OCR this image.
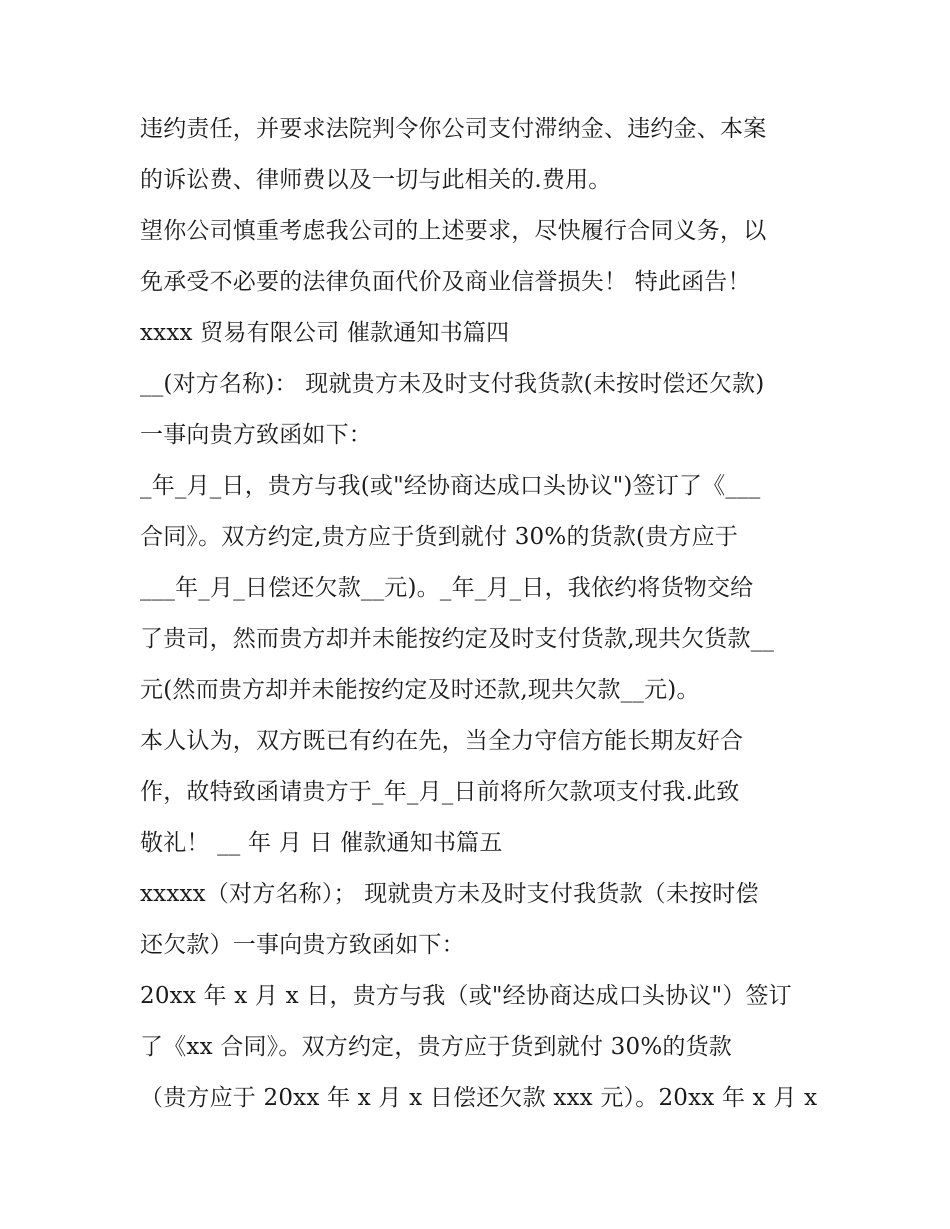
违约责任，并要求法院判令你公司支付滞纳金、违约金、本案
的诉讼费、律师费以及一切与此相关的.费用。
望你公司慎重考虑我公司的上述要求，尽快履行合同义务，以
免承受不必要的法律负面代价及商业信誉损失！ 特此函告！
xxxx 贸易有限公司 催款通知书篇四
__(对方名称)： 现就贵方未及时支付我货款(未按时偿还欠款)
一事向贵方致函如下：
_年_月_日，贵方与我(或"经协商达成口头协议")签订了《___
合同》。双方约定,贵方应于货到就付 30%的货款(贵方应于
___年_月_日偿还欠款__元)。_年_月_日，我依约将货物交给
了贵司，然而贵方却并未能按约定及时支付货款,现共欠货款__
元(然而贵方却并未能按约定及时还款,现共欠款__元)。
本人认为，双方既已有约在先，当全力守信方能长期友好合
作，故特致函请贵方于_年_月_日前将所欠款项支付我.此致
敬礼！ __ 年 月 日 催款通知书篇五
xxxxx（对方名称）； 现就贵方未及时支付我货款（未按时偿
还欠款）一事向贵方致函如下：
20xx 年 x 月 x 日，贵方与我（或"经协商达成口头协议"）签订
了《xx 合同》。双方约定，贵方应于货到就付 30%的货款
（贵方应于 20xx 年 x 月 x 日偿还欠款 xxx 元）。20xx 年 x 月 x
